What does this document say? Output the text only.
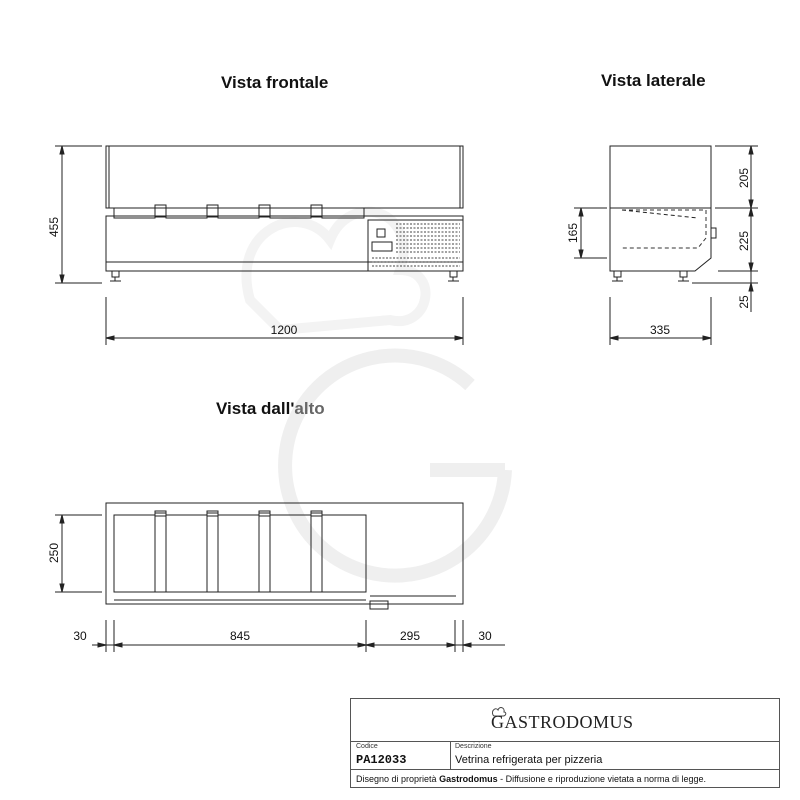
Vista frontale	Vista laterale
Vista dall'alto
455
1200
205
165	225
25
335
250
30	845	295	30
GASTRODOMUS
Codice
PA12033
Descrizione
Vetrina refrigerata per pizzeria
Disegno di proprietà Gastrodomus - Diffusione e riproduzione vietata a norma di legge.
